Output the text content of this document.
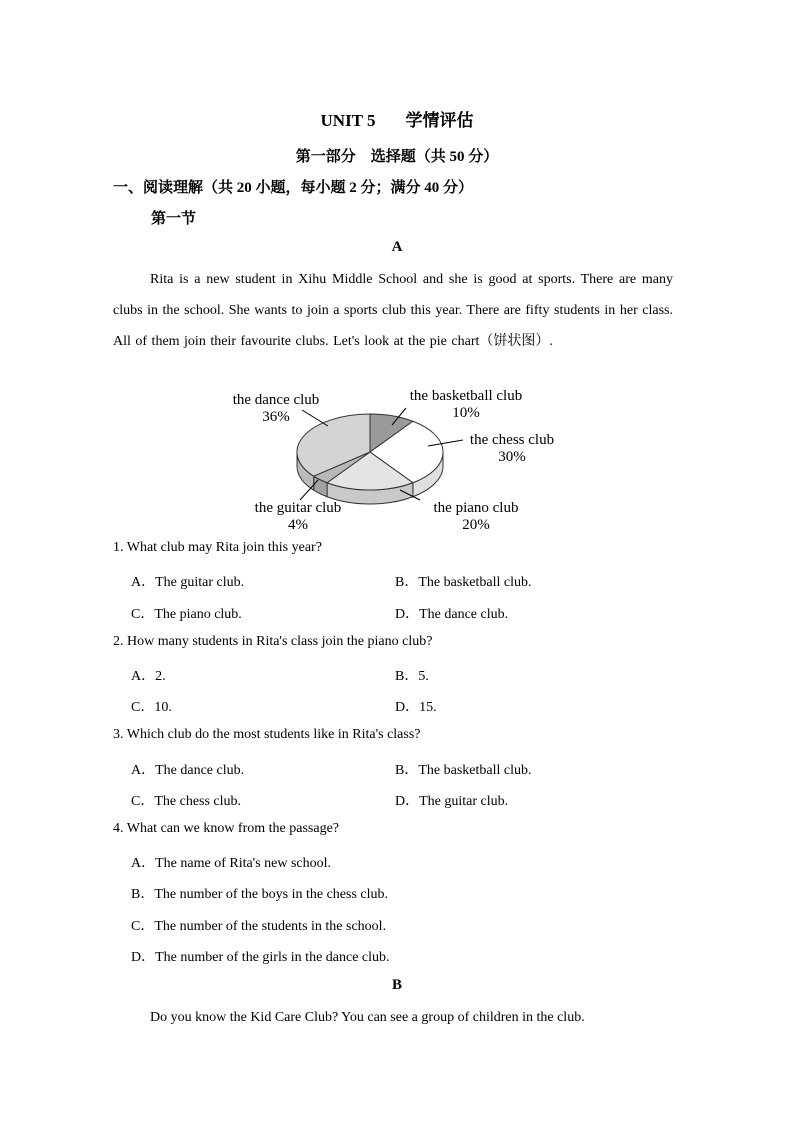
UNIT 5 学情评估
第一部分　选择题（共 50 分）
一、阅读理解（共 20 小题，每小题 2 分；满分 40 分）
第一节
A
Rita is a new student in Xihu Middle School and she is good at sports. There are many clubs in the school. She wants to join a sports club this year. There are fifty students in her class. All of them join their favourite clubs. Let's look at the pie chart（饼状图）.
the basketball club
10%
the chess club
30%
the piano club
20%
the guitar club
4%
the dance club
36%
1. What club may Rita join this year?
A．The guitar club.	B．The basketball club.
C．The piano club.	D．The dance club.
2. How many students in Rita's class join the piano club?
A．2.	B．5.
C．10.	D．15.
3. Which club do the most students like in Rita's class?
A．The dance club.	B．The basketball club.
C．The chess club.	D．The guitar club.
4. What can we know from the passage?
A．The name of Rita's new school.
B．The number of the boys in the chess club.
C．The number of the students in the school.
D．The number of the girls in the dance club.
B
Do you know the Kid Care Club? You can see a group of children in the club.
